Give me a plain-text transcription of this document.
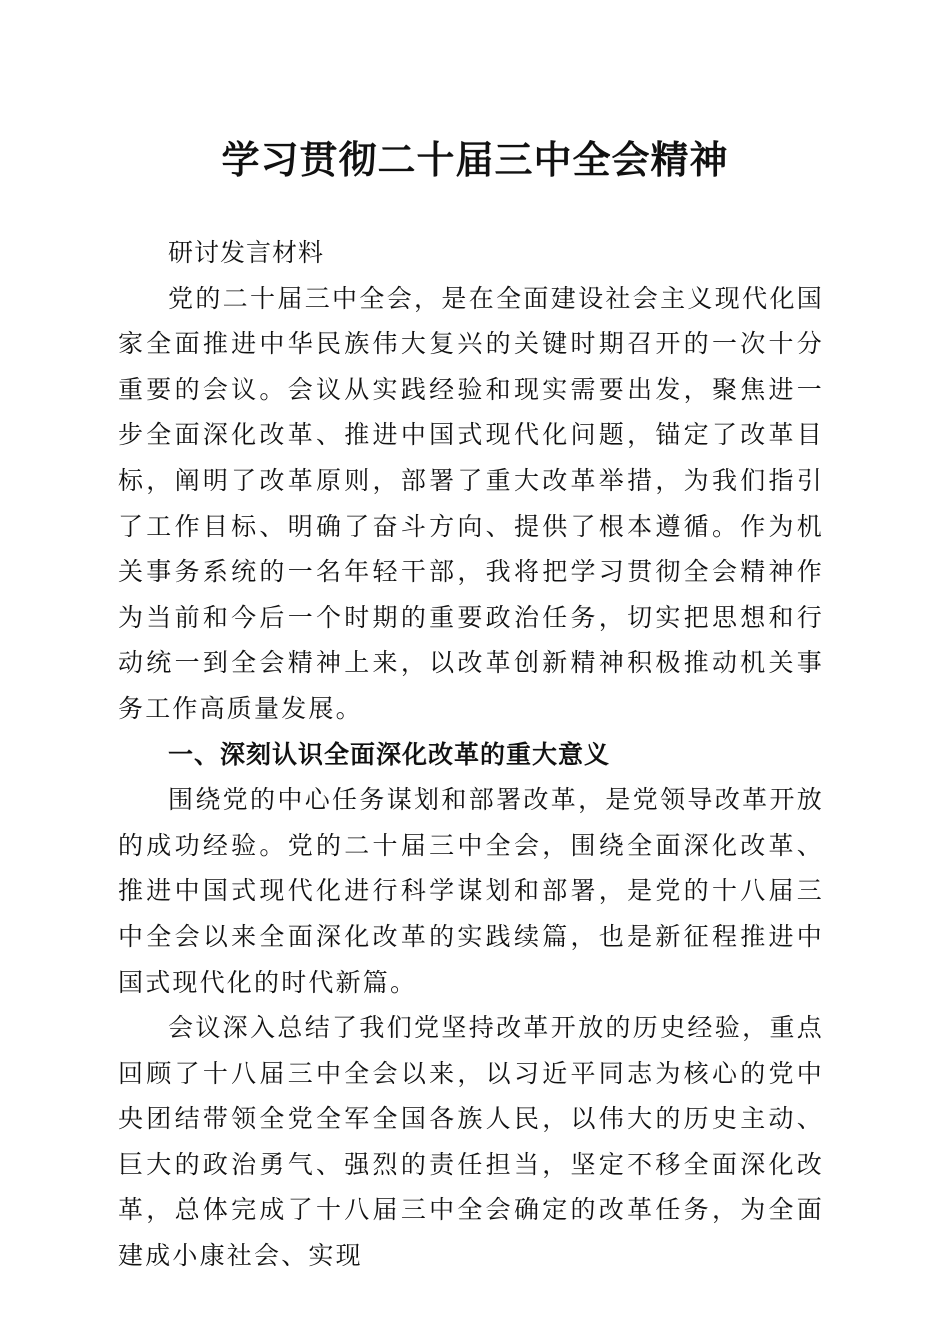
学习贯彻二十届三中全会精神

研讨发言材料

党的二十届三中全会，是在全面建设社会主义现代化国家全面推进中华民族伟大复兴的关键时期召开的一次十分重要的会议。会议从实践经验和现实需要出发，聚焦进一步全面深化改革、推进中国式现代化问题，锚定了改革目标，阐明了改革原则，部署了重大改革举措，为我们指引了工作目标、明确了奋斗方向、提供了根本遵循。作为机关事务系统的一名年轻干部，我将把学习贯彻全会精神作为当前和今后一个时期的重要政治任务，切实把思想和行动统一到全会精神上来，以改革创新精神积极推动机关事务工作高质量发展。

一、深刻认识全面深化改革的重大意义

围绕党的中心任务谋划和部署改革，是党领导改革开放的成功经验。党的二十届三中全会，围绕全面深化改革、推进中国式现代化进行科学谋划和部署，是党的十八届三中全会以来全面深化改革的实践续篇，也是新征程推进中国式现代化的时代新篇。

会议深入总结了我们党坚持改革开放的历史经验，重点回顾了十八届三中全会以来，以习近平同志为核心的党中央团结带领全党全军全国各族人民，以伟大的历史主动、巨大的政治勇气、强烈的责任担当，坚定不移全面深化改革，总体完成了十八届三中全会确定的改革任务，为全面建成小康社会、实现
